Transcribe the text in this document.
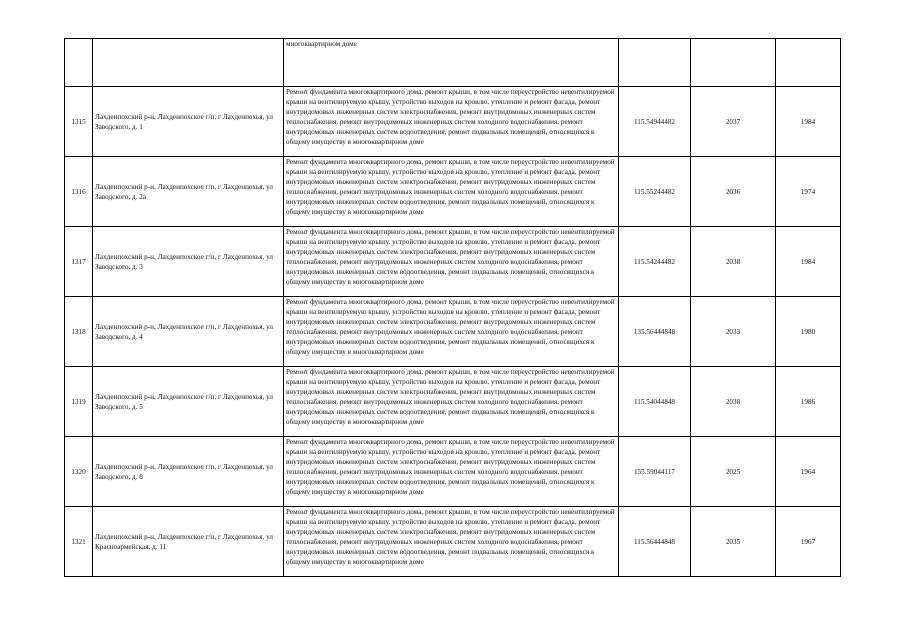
		многоквартирном доме			

1315	Лахденпохский р-н, Лахденпохское г/п, г Лахденпохья, ул Заводского, д. 1	Ремонт фундамента многоквартирного дома, ремонт крыши, в том числе переустройство невентилируемой крыши на вентилируемую крышу, устройство выходов на кровлю, утепление и ремонт фасада, ремонт внутридомовых инженерных систем электроснабжения, ремонт внутридомовых инженерных систем теплоснабжения, ремонт внутридомовых инженерных систем холодного водоснабжения, ремонт внутридомовых инженерных систем водоотведения, ремонт подвальных помещений, относящихся к общему имуществу в многоквартирном доме	115.54944482	2037	1984
1316	Лахденпохский р-н, Лахденпохское г/п, г Лахденпохья, ул Заводского, д. 2а	Ремонт фундамента многоквартирного дома, ремонт крыши, в том числе переустройство невентилируемой крыши на вентилируемую крышу, устройство выходов на кровлю, утепление и ремонт фасада, ремонт внутридомовых инженерных систем электроснабжения, ремонт внутридомовых инженерных систем теплоснабжения, ремонт внутридомовых инженерных систем холодного водоснабжения, ремонт внутридомовых инженерных систем водоотведения, ремонт подвальных помещений, относящихся к общему имуществу в многоквартирном доме	115.55244482	2036	1974
1317	Лахденпохский р-н, Лахденпохское г/п, г Лахденпохья, ул Заводского, д. 3	Ремонт фундамента многоквартирного дома, ремонт крыши, в том числе переустройство невентилируемой крыши на вентилируемую крышу, устройство выходов на кровлю, утепление и ремонт фасада, ремонт внутридомовых инженерных систем электроснабжения, ремонт внутридомовых инженерных систем теплоснабжения, ремонт внутридомовых инженерных систем холодного водоснабжения, ремонт внутридомовых инженерных систем водоотведения, ремонт подвальных помещений, относящихся к общему имуществу в многоквартирном доме	115.54244482	2038	1984
1318	Лахденпохский р-н, Лахденпохское г/п, г Лахденпохья, ул Заводского, д. 4	Ремонт фундамента многоквартирного дома, ремонт крыши, в том числе переустройство невентилируемой крыши на вентилируемую крышу, устройство выходов на кровлю, утепление и ремонт фасада, ремонт внутридомовых инженерных систем электроснабжения, ремонт внутридомовых инженерных систем теплоснабжения, ремонт внутридомовых инженерных систем холодного водоснабжения, ремонт внутридомовых инженерных систем водоотведения, ремонт подвальных помещений, относящихся к общему имуществу в многоквартирном доме	135.56444848	2033	1980
1319	Лахденпохский р-н, Лахденпохское г/п, г Лахденпохья, ул Заводского, д. 5	Ремонт фундамента многоквартирного дома, ремонт крыши, в том числе переустройство невентилируемой крыши на вентилируемую крышу, устройство выходов на кровлю, утепление и ремонт фасада, ремонт внутридомовых инженерных систем электроснабжения, ремонт внутридомовых инженерных систем теплоснабжения, ремонт внутридомовых инженерных систем холодного водоснабжения, ремонт внутридомовых инженерных систем водоотведения, ремонт подвальных помещений, относящихся к общему имуществу в многоквартирном доме	115.54044848	2038	1986
1320	Лахденпохский р-н, Лахденпохское г/п, г Лахденпохья, ул Заводского, д. 8	Ремонт фундамента многоквартирного дома, ремонт крыши, в том числе переустройство невентилируемой крыши на вентилируемую крышу, устройство выходов на кровлю, утепление и ремонт фасада, ремонт внутридомовых инженерных систем электроснабжения, ремонт внутридомовых инженерных систем теплоснабжения, ремонт внутридомовых инженерных систем холодного водоснабжения, ремонт внутридомовых инженерных систем водоотведения, ремонт подвальных помещений, относящихся к общему имуществу в многоквартирном доме	155.59044117	2025	1964
1321	Лахденпохский р-н, Лахденпохское г/п, г Лахденпохья, ул Красноармейская, д. 11	Ремонт фундамента многоквартирного дома, ремонт крыши, в том числе переустройство невентилируемой крыши на вентилируемую крышу, устройство выходов на кровлю, утепление и ремонт фасада, ремонт внутридомовых инженерных систем электроснабжения, ремонт внутридомовых инженерных систем теплоснабжения, ремонт внутридомовых инженерных систем холодного водоснабжения, ремонт внутридомовых инженерных систем водоотведения, ремонт подвальных помещений, относящихся к общему имуществу в многоквартирном доме	115.56444848	2035	1967
